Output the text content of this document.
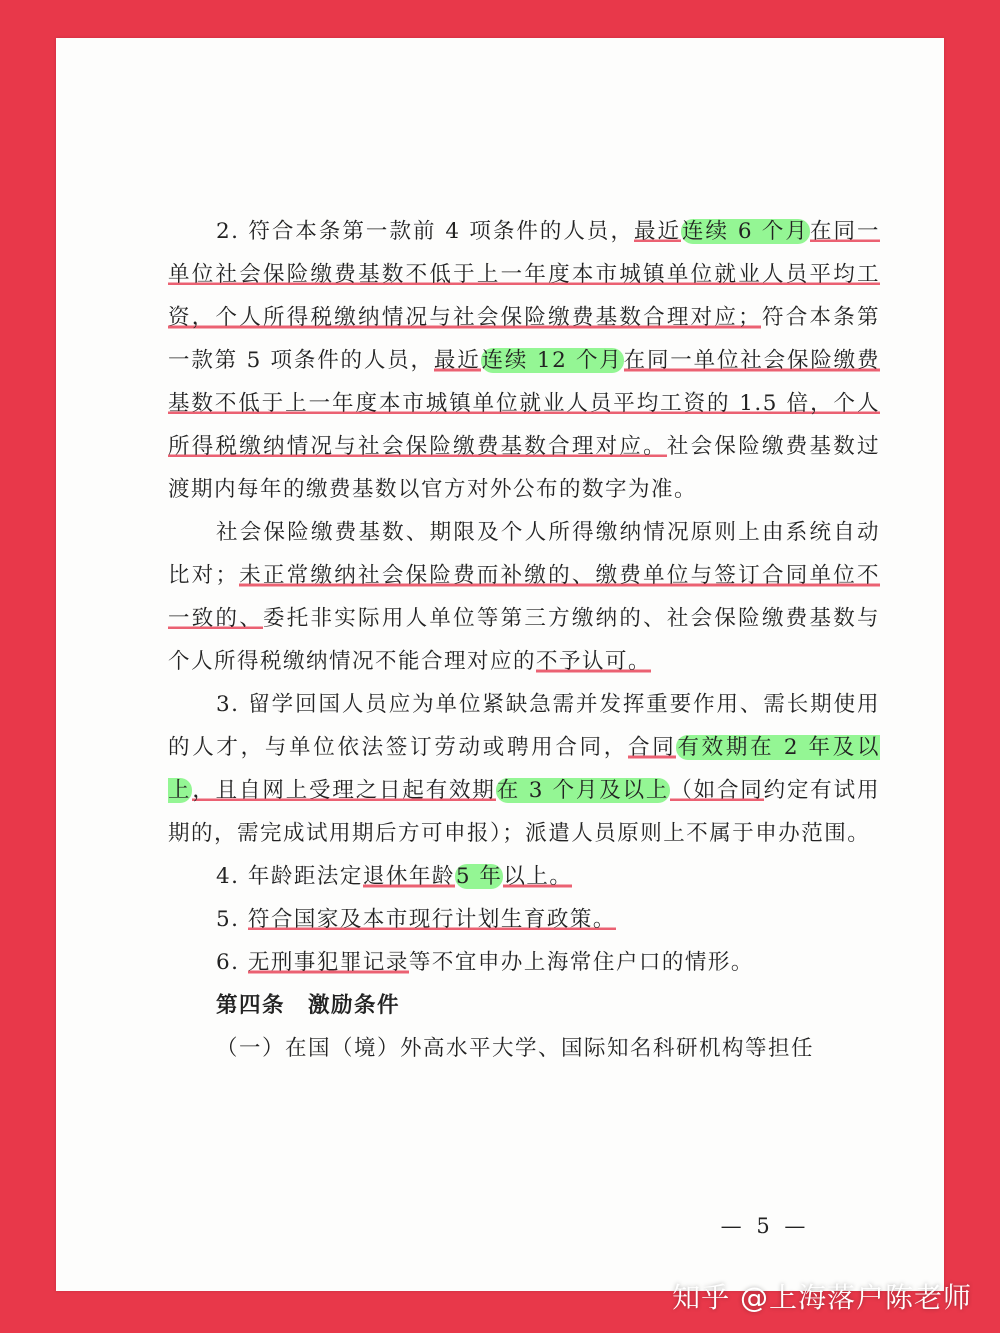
2. 符合本条第一款前 4 项条件的人员，最近连续 6 个月在同一单位社会保险缴费基数不低于上一年度本市城镇单位就业人员平均工资，个人所得税缴纳情况与社会保险缴费基数合理对应；符合本条第一款第 5 项条件的人员，最近连续 12 个月在同一单位社会保险缴费基数不低于上一年度本市城镇单位就业人员平均工资的 1.5 倍，个人所得税缴纳情况与社会保险缴费基数合理对应。社会保险缴费基数过渡期内每年的缴费基数以官方对外公布的数字为准。

社会保险缴费基数、期限及个人所得缴纳情况原则上由系统自动比对；未正常缴纳社会保险费而补缴的、缴费单位与签订合同单位不一致的、委托非实际用人单位等第三方缴纳的、社会保险缴费基数与个人所得税缴纳情况不能合理对应的不予认可。

3. 留学回国人员应为单位紧缺急需并发挥重要作用、需长期使用的人才，与单位依法签订劳动或聘用合同，合同有效期在 2 年及以上，且自网上受理之日起有效期在 3 个月及以上（如合同约定有试用期的，需完成试用期后方可申报）；派遣人员原则上不属于申办范围。

4. 年龄距法定退休年龄5 年以上。

5. 符合国家及本市现行计划生育政策。

6. 无刑事犯罪记录等不宜申办上海常住户口的情形。

第四条　激励条件

（一）在国（境）外高水平大学、国际知名科研机构等担任

— 5 —
知乎 @上海落户陈老师
